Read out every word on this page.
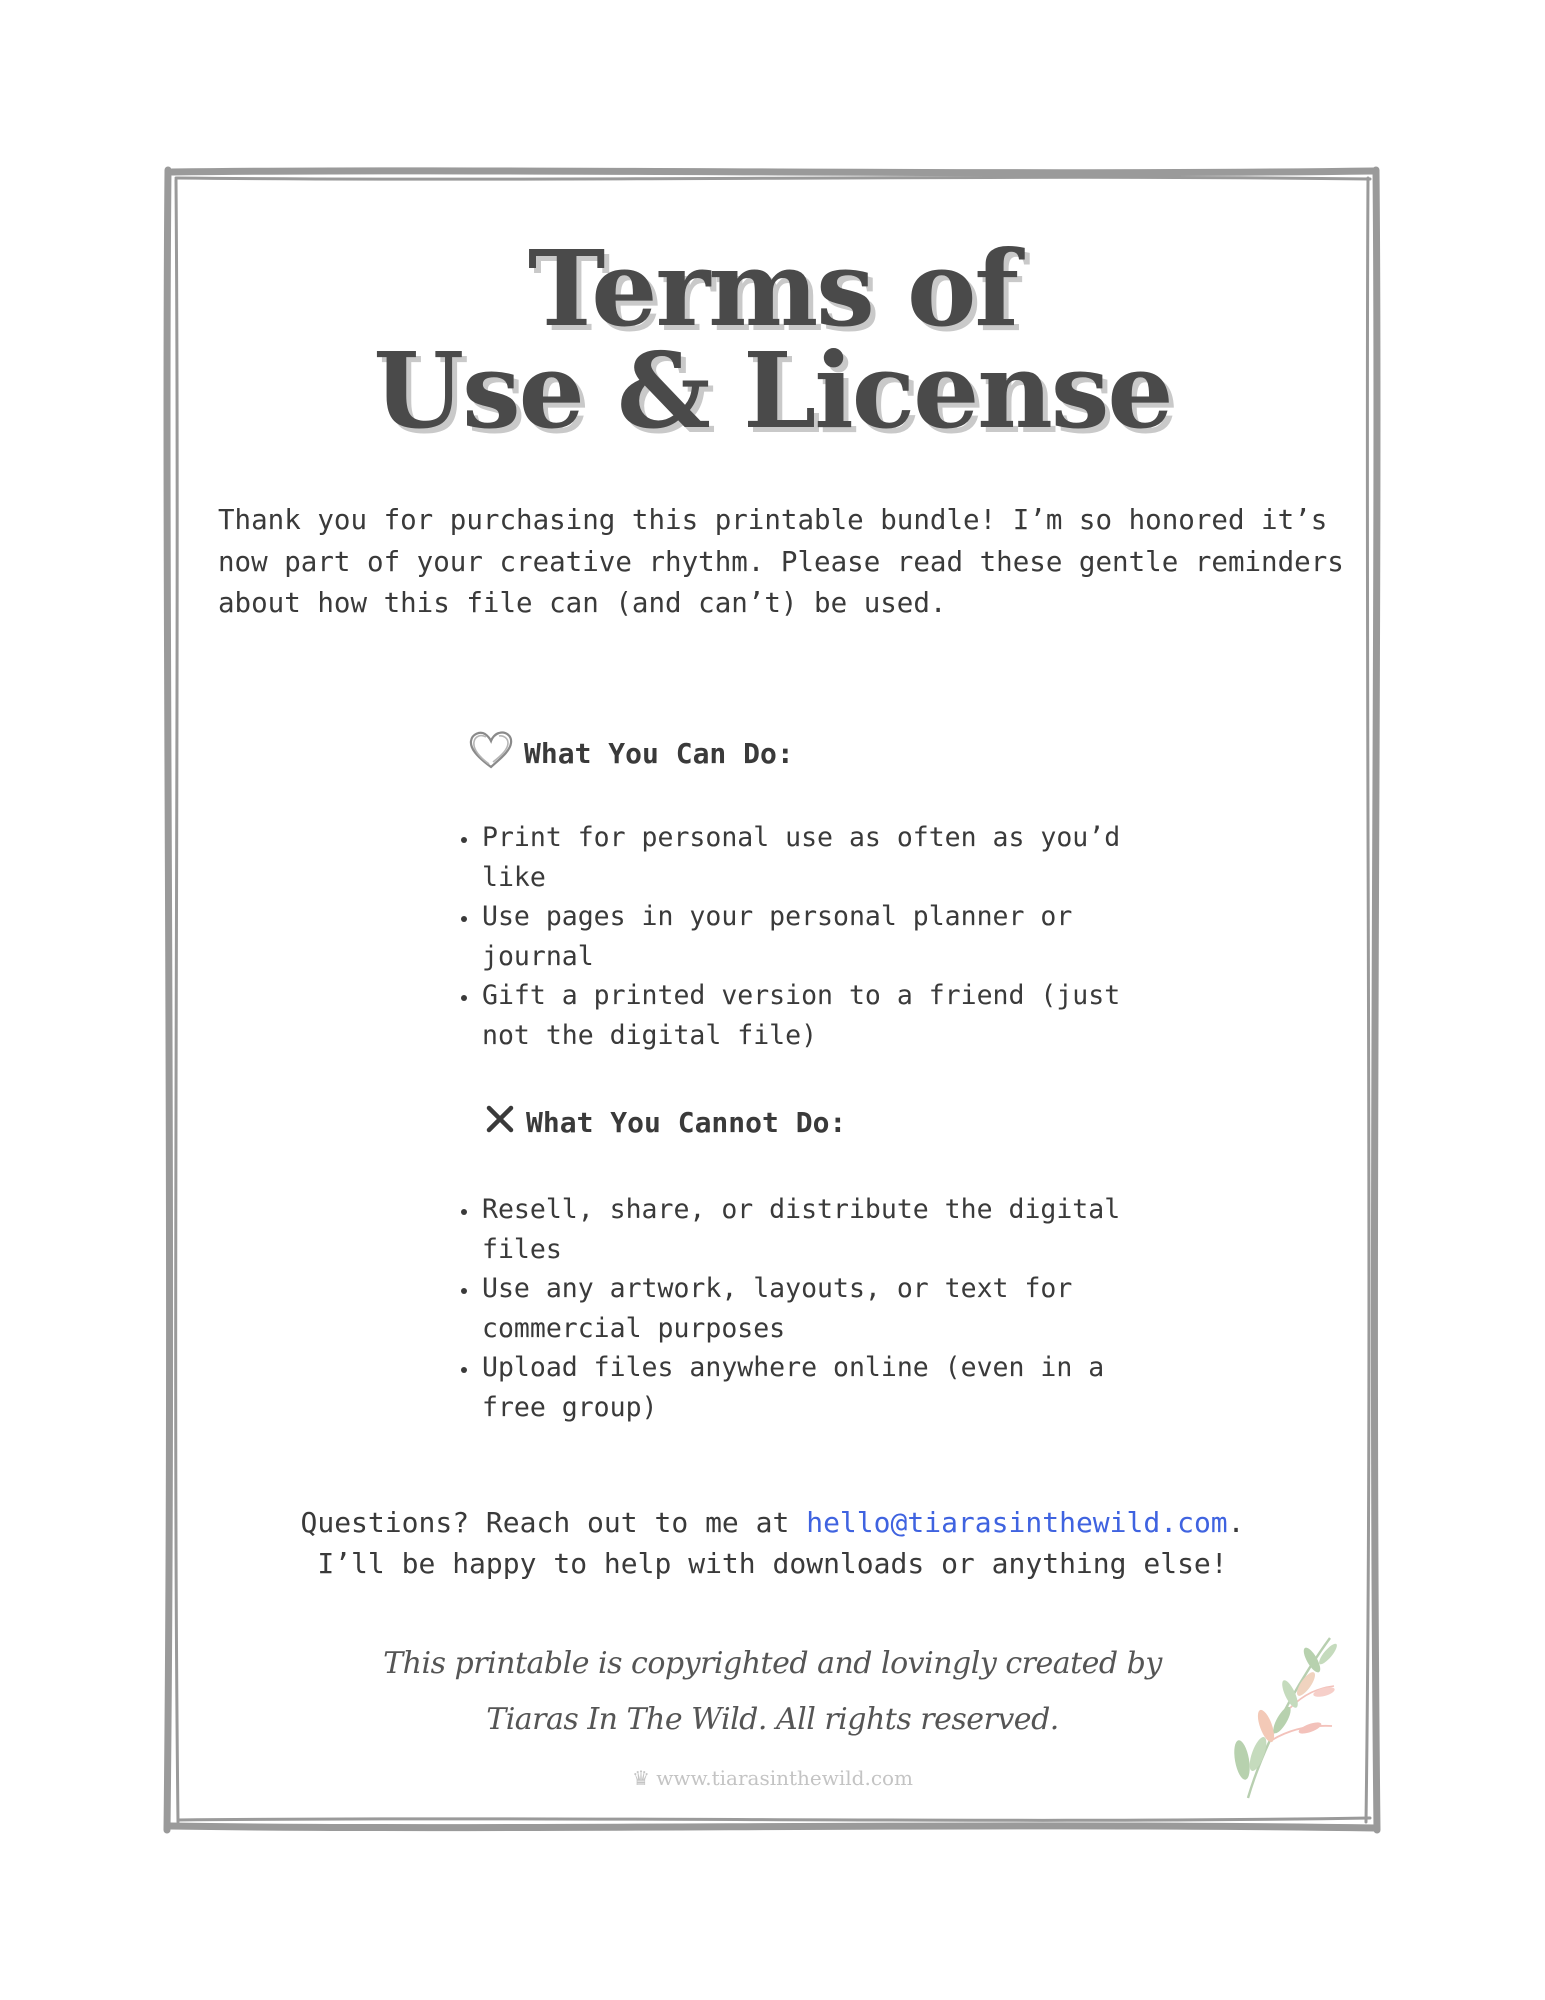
Terms of
Use & License

Thank you for purchasing this printable bundle! I’m so honored it’s now part of your creative rhythm. Please read these gentle reminders about how this file can (and can’t) be used.

What You Can Do:
• Print for personal use as often as you’d like
• Use pages in your personal planner or journal
• Gift a printed version to a friend (just not the digital file)
What You Cannot Do:
• Resell, share, or distribute the digital files
• Use any artwork, layouts, or text for commercial purposes
• Upload files anywhere online (even in a free group)

Questions? Reach out to me at hello@tiarasinthewild.com.
I’ll be happy to help with downloads or anything else!

This printable is copyrighted and lovingly created by
Tiaras In The Wild. All rights reserved.

♛ www.tiarasinthewild.com
